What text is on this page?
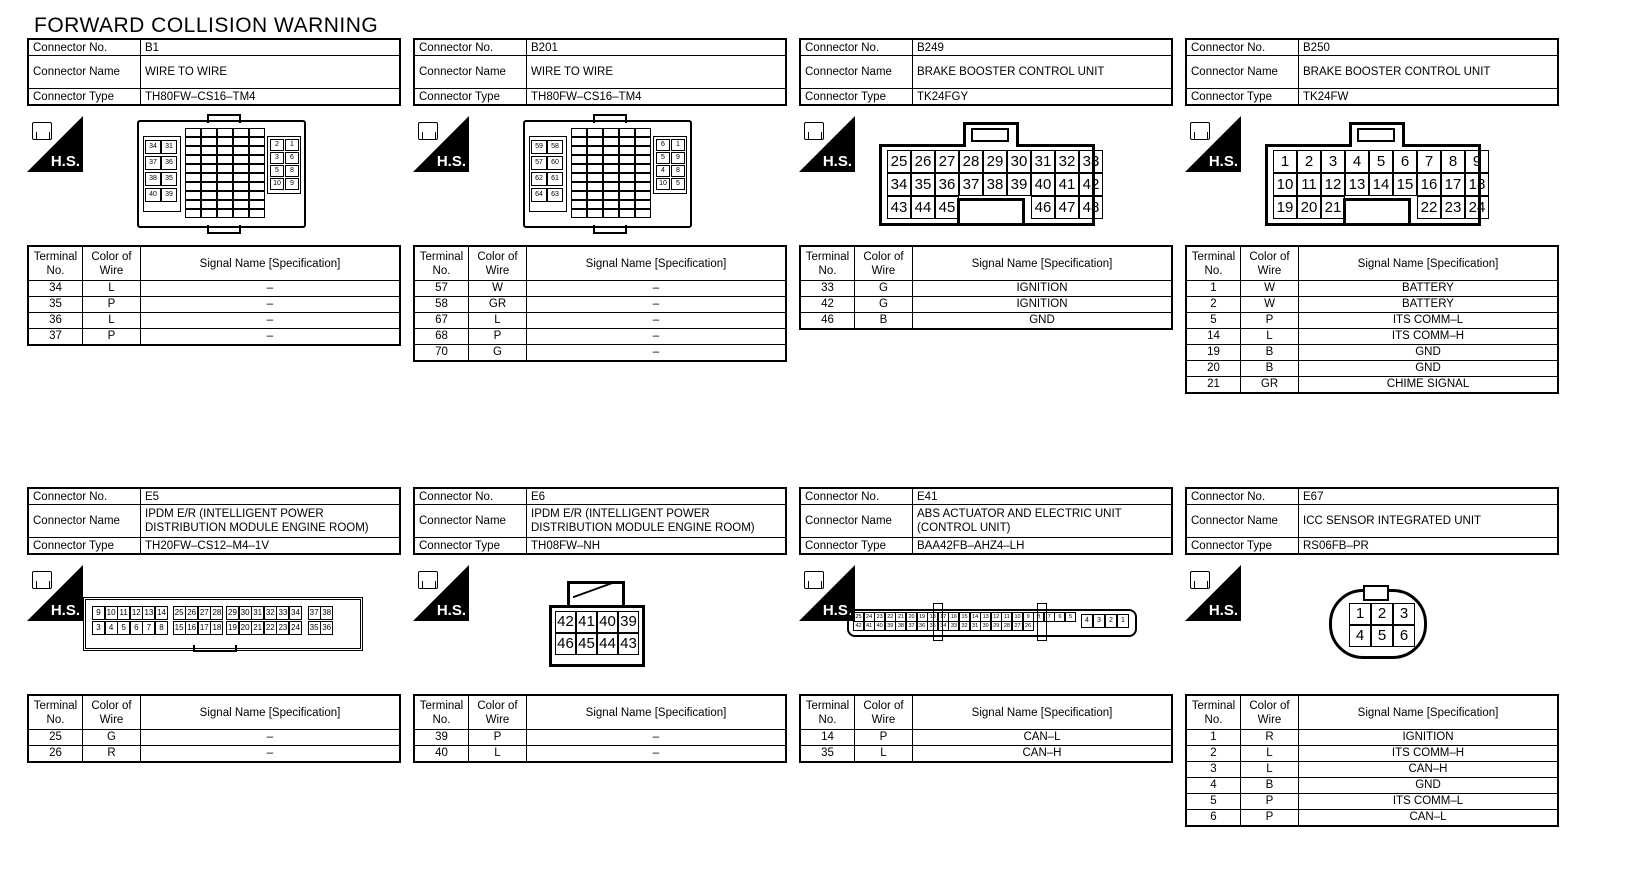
FORWARD COLLISION WARNING
Connector No.	B1
Connector Name	WIRE TO WIRE
Connector Type	TH80FW–CS16–TM4
H.S.
34	31
37	36
38	35
40	39
2	1
3	6
5	8
10	9
Terminal No.	Color of Wire	Signal Name [Specification]
34	L	–
35	P	–
36	L	–
37	P	–
Connector No.	B201
Connector Name	WIRE TO WIRE
Connector Type	TH80FW–CS16–TM4
H.S.
59	58
57	60
62	61
64	63
6	1
5	9
4	8
10	5
Terminal No.	Color of Wire	Signal Name [Specification]
57	W	–
58	GR	–
67	L	–
68	P	–
70	G	–
Connector No.	B249
Connector Name	BRAKE BOOSTER CONTROL UNIT
Connector Type	TK24FGY
H.S.	25 26 27 28 29 30 31 32 33
34 35 36 37 38 39 40 41 42
43 44 45	46 47 48
Terminal No.	Color of Wire	Signal Name [Specification]
33	G	IGNITION
42	G	IGNITION
46	B	GND
Connector No.	B250
Connector Name	BRAKE BOOSTER CONTROL UNIT
Connector Type	TK24FW
H.S.	1	2	3	4	5	6	7	8	9
10 11 12 13 14 15 16 17 18
19 20 21	22 23 24
Terminal No.	Color of Wire	Signal Name [Specification]
1	W	BATTERY
2	W	BATTERY
5	P	ITS COMM–L
14	L	ITS COMM–H
19	B	GND
20	B	GND
21	GR	CHIME SIGNAL
Connector No.	E5
Connector Name	IPDM E/R (INTELLIGENT POWER DISTRIBUTION MODULE ENGINE ROOM)
Connector Type	TH20FW–CS12–M4–1V
H.S.	9 10 11 12 13 14 25 26 27 28 29 30 31 32 33 34 37 38
3	4	5	6	7	8	15 16 17 18 19 20 21 22 23 24 35 36
Terminal No.	Color of Wire	Signal Name [Specification]
25	G	–
26	R	–
Connector No.	E6
Connector Name	IPDM E/R (INTELLIGENT POWER DISTRIBUTION MODULE ENGINE ROOM)
Connector Type	TH08FW–NH
H.S.
42 41 40 39
46 45 44 43
Terminal No.	Color of Wire	Signal Name [Specification]
39	P	–
40	L	–
Connector No.	E41
Connector Name	ABS ACTUATOR AND ELECTRIC UNIT (CONTROL UNIT)
Connector Type	BAA42FB–AHZ4–LH
H.S. 25 24 23 22 21 20 19 18 17 16 15 14 13 12 11 10	9	8	7	6	5
42 41 40 39 38 37 36 35 34 33 32 31 30 29 28 27 26
4	3	2	1
Terminal No.	Color of Wire	Signal Name [Specification]
14	P	CAN–L
35	L	CAN–H
Connector No.	E67
Connector Name	ICC SENSOR INTEGRATED UNIT
Connector Type	RS06FB–PR
H.S.	1 2 3
4 5 6
Terminal No.	Color of Wire	Signal Name [Specification]
1	R	IGNITION
2	L	ITS COMM–H
3	L	CAN–H
4	B	GND
5	P	ITS COMM–L
6	P	CAN–L
